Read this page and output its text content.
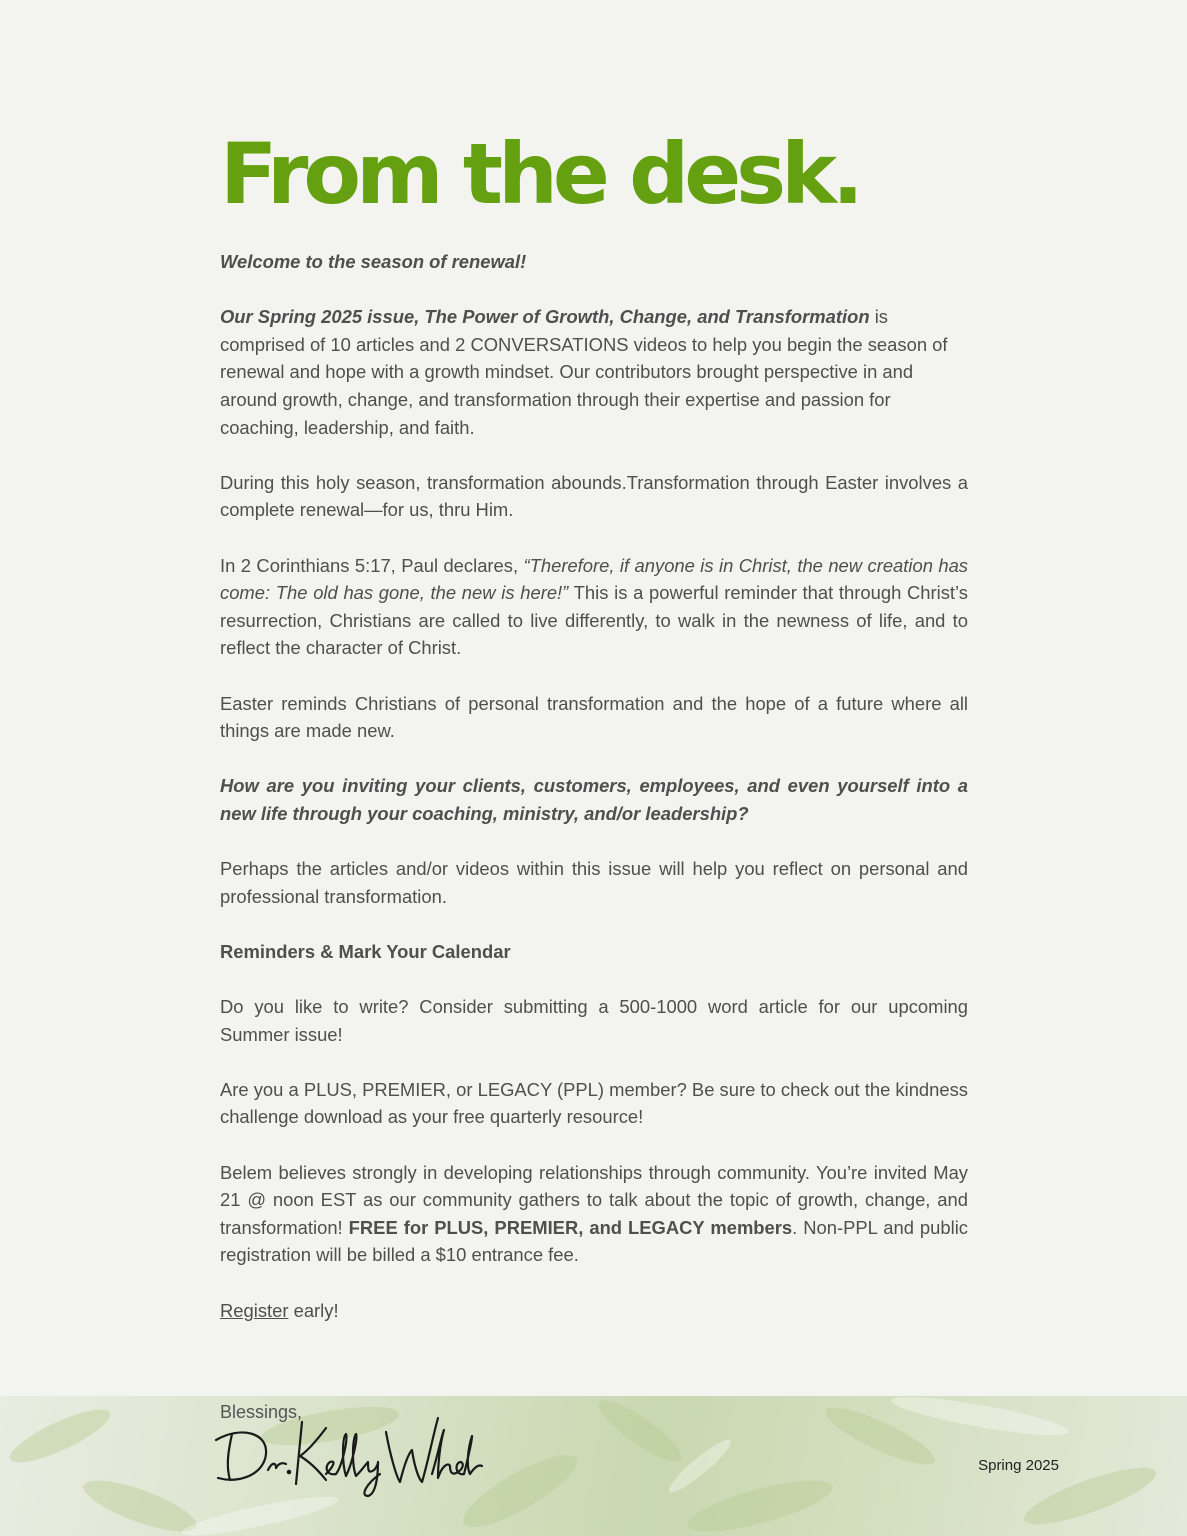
From the desk.

Welcome to the season of renewal!

Our Spring 2025 issue, The Power of Growth, Change, and Transformation is comprised of 10 articles and 2 CONVERSATIONS videos to help you begin the season of renewal and hope with a growth mindset. Our contributors brought perspective in and around growth, change, and transformation through their expertise and passion for coaching, leadership, and faith.

During this holy season, transformation abounds.Transformation through Easter involves a complete renewal—for us, thru Him.

In 2 Corinthians 5:17, Paul declares, “Therefore, if anyone is in Christ, the new creation has come: The old has gone, the new is here!” This is a powerful reminder that through Christ’s resurrection, Christians are called to live differently, to walk in the newness of life, and to reflect the character of Christ.

Easter reminds Christians of personal transformation and the hope of a future where all things are made new.

How are you inviting your clients, customers, employees, and even yourself into a new life through your coaching, ministry, and/or leadership?

Perhaps the articles and/or videos within this issue will help you reflect on personal and professional transformation.

Reminders & Mark Your Calendar

Do you like to write? Consider submitting a 500-1000 word article for our upcoming Summer issue!

Are you a PLUS, PREMIER, or LEGACY (PPL) member? Be sure to check out the kindness challenge download as your free quarterly resource!

Belem believes strongly in developing relationships through community. You’re invited May 21 @ noon EST as our community gathers to talk about the topic of growth, change, and transformation! FREE for PLUS, PREMIER, and LEGACY members. Non-PPL and public registration will be billed a $10 entrance fee.

Register early!

Blessings,
Spring 2025
